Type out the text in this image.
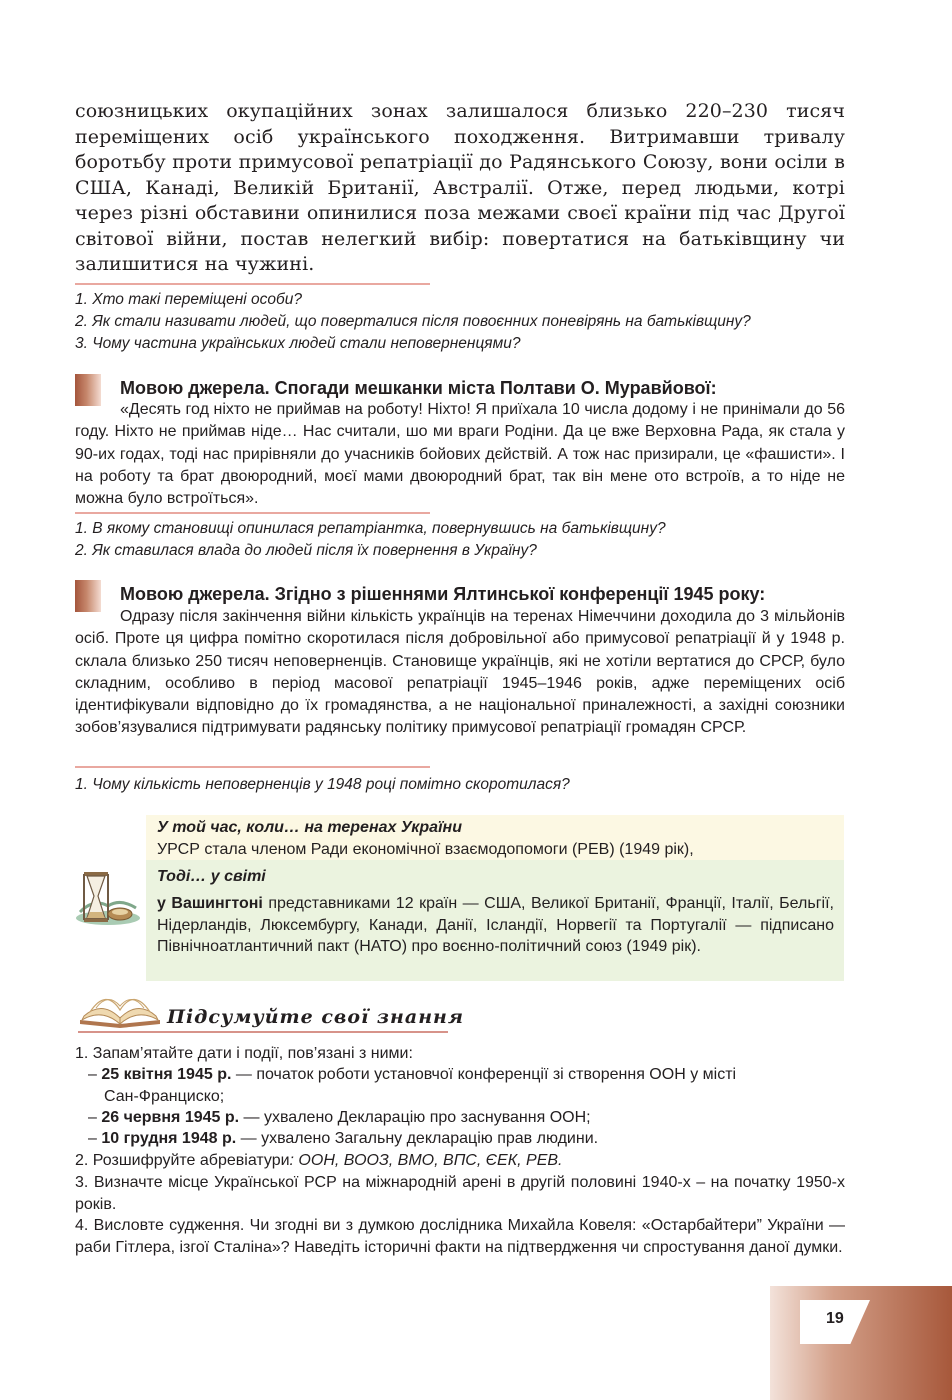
союзницьких окупаційних зонах залишалося близько 220–230 тисяч переміщених осіб українського походження. Витримавши тривалу боротьбу проти примусової репатріації до Радянського Союзу, вони осіли в США, Канаді, Великій Британії, Австралії. Отже, перед людьми, котрі через різні обставини опинилися поза межами своєї країни під час Другої світової війни, постав нелегкий вибір: повертатися на батьківщину чи залишитися на чужині.
1. Хто такі переміщені особи?
2. Як стали називати людей, що поверталися після повоєнних поневірянь на батьківщину?
3. Чому частина українських людей стали неповерненцями?
Мовою джерела. Спогади мешканки міста Полтави О. Муравйової:
«Десять год ніхто не приймав на роботу! Ніхто! Я приїхала 10 числа додому і не принімали до 56 году. Ніхто не приймав ніде… Нас считали, шо ми враги Родіни. Да це вже Верховна Рада, як стала у 90-их годах, тоді нас прирівняли до учасників бойових дєйствій. А тож нас призирали, це «фашисти». І на роботу та брат двоюродний, моєї мами двоюродний брат, так він мене ото встроїв, а то ніде не можна було встроїться».
1. В якому становищі опинилася репатріантка, повернувшись на батьківщину?
2. Як ставилася влада до людей після їх повернення в Україну?
Мовою джерела. Згідно з рішеннями Ялтинської конференції 1945 року:
Одразу після закінчення війни кількість українців на теренах Німеччини доходила до 3 мільйонів осіб. Проте ця цифра помітно скоротилася після добровільної або примусової репатріації й у 1948 р. склала близько 250 тисяч неповерненців. Становище українців, які не хотіли вертатися до СРСР, було складним, особливо в період масової репатріації 1945–1946 років, адже переміщених осіб ідентифікували відповідно до їх громадянства, а не національної приналежності, а західні союзники зобов’язувалися підтримувати радянську політику примусової репатріації громадян СРСР.
1. Чому кількість неповерненців у 1948 році помітно скоротилася?
У той час, коли… на теренах України
УРСР стала членом Ради економічної взаємодопомоги (РЕВ) (1949 рік),
Тоді… у світі
у Вашингтоні представниками 12 країн — США, Великої Британії, Франції, Італії, Бельгії, Нідерландів, Люксембургу, Канади, Данії, Ісландії, Норвегії та Португалії — підписано Північноатлантичний пакт (НАТО) про воєнно-політичний союз (1949 рік).
Підсумуйте свої знання
1. Запам’ятайте дати і події, пов’язані з ними:
– 25 квітня 1945 р. — початок роботи установчої конференції зі створення ООН у місті
Сан-Франциско;
– 26 червня 1945 р. — ухвалено Декларацію про заснування ООН;
– 10 грудня 1948 р. — ухвалено Загальну декларацію прав людини.
2. Розшифруйте абревіатури: ООН, ВООЗ, ВМО, ВПС, ЄЕК, РЕВ.
3. Визначте місце Української РСР на міжнародній арені в другій половині 1940-х – на початку 1950-х років.
4. Висловте судження. Чи згодні ви з думкою дослідника Михайла Ковеля: «Остарбайтери” України — раби Гітлера, ізгої Сталіна»? Наведіть історичні факти на підтвердження чи спростування даної думки.
19
